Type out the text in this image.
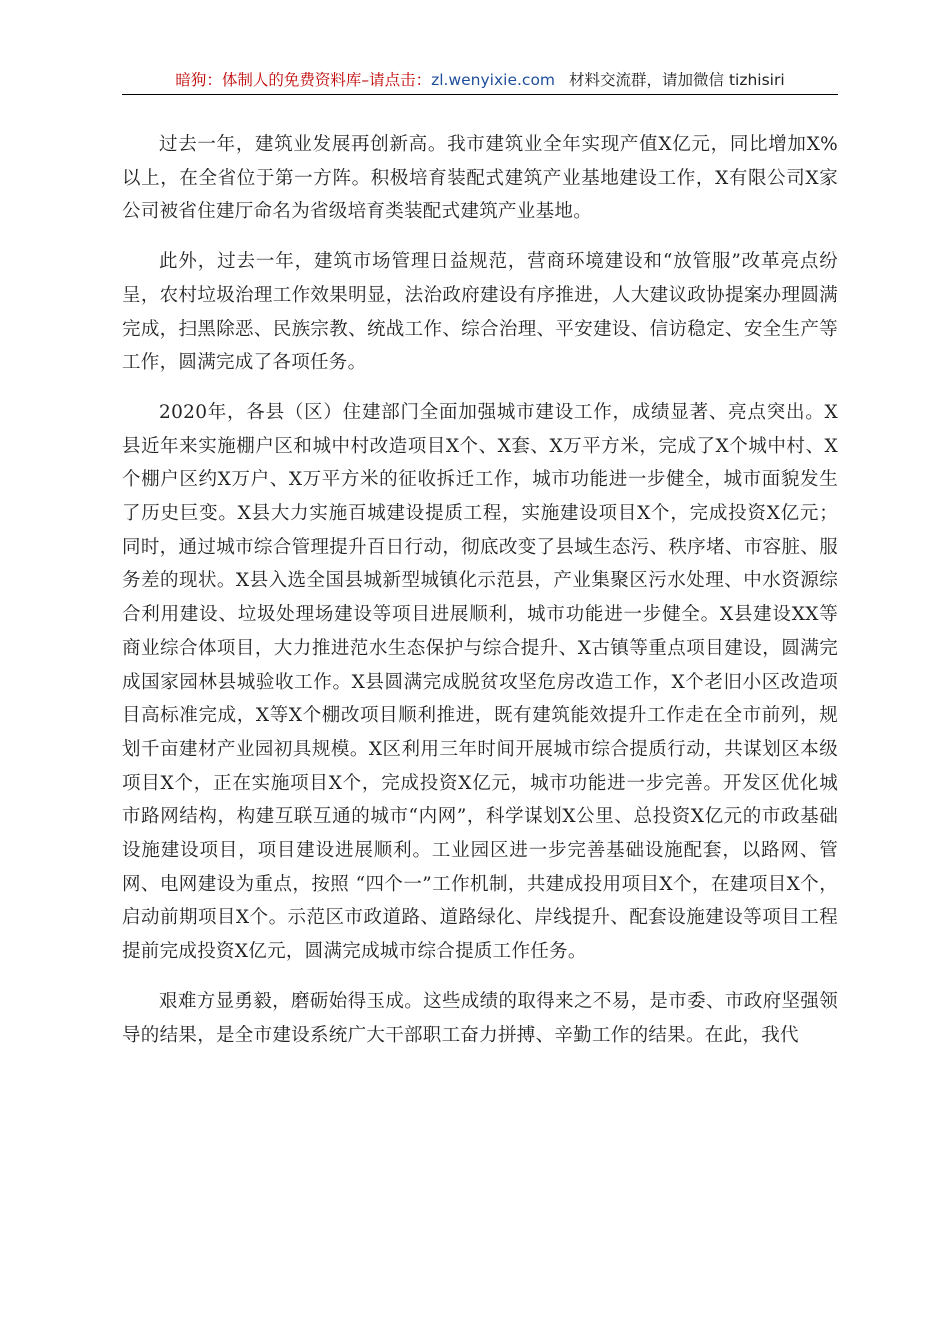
暗狗：体制人的免费资料库–请点击：zl.wenyixie.com 材料交流群，请加微信 tizhisiri

过去一年，建筑业发展再创新高。我市建筑业全年实现产值X亿元，同比增加X%以上，在全省位于第一方阵。积极培育装配式建筑产业基地建设工作，X有限公司X家公司被省住建厅命名为省级培育类装配式建筑产业基地。

此外，过去一年，建筑市场管理日益规范，营商环境建设和“放管服”改革亮点纷呈，农村垃圾治理工作效果明显，法治政府建设有序推进，人大建议政协提案办理圆满完成，扫黑除恶、民族宗教、统战工作、综合治理、平安建设、信访稳定、安全生产等工作，圆满完成了各项任务。

2020年，各县（区）住建部门全面加强城市建设工作，成绩显著、亮点突出。X县近年来实施棚户区和城中村改造项目X个、X套、X万平方米，完成了X个城中村、X个棚户区约X万户、X万平方米的征收拆迁工作，城市功能进一步健全，城市面貌发生了历史巨变。X县大力实施百城建设提质工程，实施建设项目X个，完成投资X亿元；同时，通过城市综合管理提升百日行动，彻底改变了县域生态污、秩序堵、市容脏、服务差的现状。X县入选全国县城新型城镇化示范县，产业集聚区污水处理、中水资源综合利用建设、垃圾处理场建设等项目进展顺利，城市功能进一步健全。X县建设XX等商业综合体项目，大力推进范水生态保护与综合提升、X古镇等重点项目建设，圆满完成国家园林县城验收工作。X县圆满完成脱贫攻坚危房改造工作，X个老旧小区改造项目高标准完成，X等X个棚改项目顺利推进，既有建筑能效提升工作走在全市前列，规划千亩建材产业园初具规模。X区利用三年时间开展城市综合提质行动，共谋划区本级项目X个，正在实施项目X个，完成投资X亿元，城市功能进一步完善。开发区优化城市路网结构，构建互联互通的城市“内网”，科学谋划X公里、总投资X亿元的市政基础设施建设项目，项目建设进展顺利。工业园区进一步完善基础设施配套，以路网、管网、电网建设为重点，按照 “四个一”工作机制，共建成投用项目X个，在建项目X个，启动前期项目X个。示范区市政道路、道路绿化、岸线提升、配套设施建设等项目工程提前完成投资X亿元，圆满完成城市综合提质工作任务。

艰难方显勇毅，磨砺始得玉成。这些成绩的取得来之不易，是市委、市政府坚强领导的结果，是全市建设系统广大干部职工奋力拼搏、辛勤工作的结果。在此，我代
